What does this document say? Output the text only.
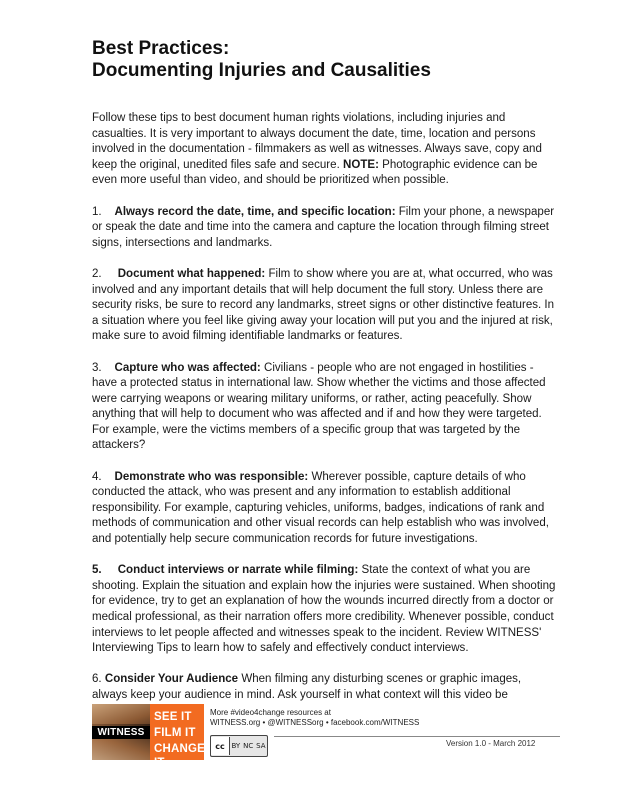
Best Practices:
Documenting Injuries and Causalities

Follow these tips to best document human rights violations, including injuries and casualties. It is very important to always document the date, time, location and persons involved in the documentation - filmmakers as well as witnesses. Always save, copy and keep the original, unedited files safe and secure. NOTE: Photographic evidence can be even more useful than video, and should be prioritized when possible.

1. Always record the date, time, and specific location: Film your phone, a newspaper or speak the date and time into the camera and capture the location through filming street signs, intersections and landmarks.

2. Document what happened: Film to show where you are at, what occurred, who was involved and any important details that will help document the full story. Unless there are security risks, be sure to record any landmarks, street signs or other distinctive features. In a situation where you feel like giving away your location will put you and the injured at risk, make sure to avoid filming identifiable landmarks or features.

3. Capture who was affected: Civilians - people who are not engaged in hostilities - have a protected status in international law. Show whether the victims and those affected were carrying weapons or wearing military uniforms, or rather, acting peacefully. Show anything that will help to document who was affected and if and how they were targeted. For example, were the victims members of a specific group that was targeted by the attackers?

4. Demonstrate who was responsible: Wherever possible, capture details of who conducted the attack, who was present and any information to establish additional responsibility. For example, capturing vehicles, uniforms, badges, indications of rank and methods of communication and other visual records can help establish who was involved, and potentially help secure communication records for future investigations.

5. Conduct interviews or narrate while filming: State the context of what you are shooting. Explain the situation and explain how the injuries were sustained. When shooting for evidence, try to get an explanation of how the wounds incurred directly from a doctor or medical professional, as their narration offers more credibility. Whenever possible, conduct interviews to let people affected and witnesses speak to the incident. Review WITNESS' Interviewing Tips to learn how to safely and effectively conduct interviews.

6. Consider Your Audience When filming any disturbing scenes or graphic images, always keep your audience in mind. Ask yourself in what context will this video be

WITNESS
SEE IT
FILM IT
CHANGE IT
More #video4change resources at
WITNESS.org • @WITNESSorg • facebook.com/WITNESS
cc BY NC SA	Version 1.0 - March 2012
